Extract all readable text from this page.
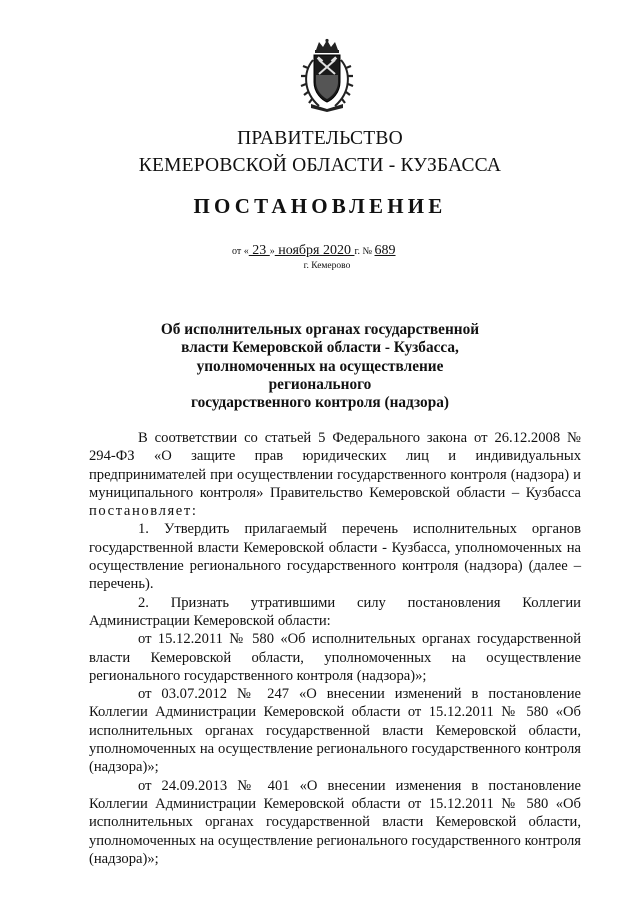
ПРАВИТЕЛЬСТВО
КЕМЕРОВСКОЙ ОБЛАСТИ - КУЗБАССА
ПОСТАНОВЛЕНИЕ
от « 23 » ноября 2020 г. № 689
г. Кемерово
Об исполнительных органах государственной
власти Кемеровской области - Кузбасса,
уполномоченных на осуществление регионального
государственного контроля (надзора)

В соответствии со статьей 5 Федерального закона от 26.12.2008 № 294-ФЗ «О защите прав юридических лиц и индивидуальных предпринимателей при осуществлении государственного контроля (надзора) и муниципального контроля» Правительство Кемеровской области – Кузбасса постановляет:

1. Утвердить прилагаемый перечень исполнительных органов государственной власти Кемеровской области - Кузбасса, уполномоченных на осуществление регионального государственного контроля (надзора) (далее – перечень).

2. Признать утратившими силу постановления Коллегии Администрации Кемеровской области:

от 15.12.2011 № 580 «Об исполнительных органах государственной власти Кемеровской области, уполномоченных на осуществление регионального государственного контроля (надзора)»;

от 03.07.2012 № 247 «О внесении изменений в постановление Коллегии Администрации Кемеровской области от 15.12.2011 № 580 «Об исполнительных органах государственной власти Кемеровской области, уполномоченных на осуществление регионального государственного контроля (надзора)»;

от 24.09.2013 № 401 «О внесении изменения в постановление Коллегии Администрации Кемеровской области от 15.12.2011 № 580 «Об исполнительных органах государственной власти Кемеровской области, уполномоченных на осуществление регионального государственного контроля (надзора)»;
